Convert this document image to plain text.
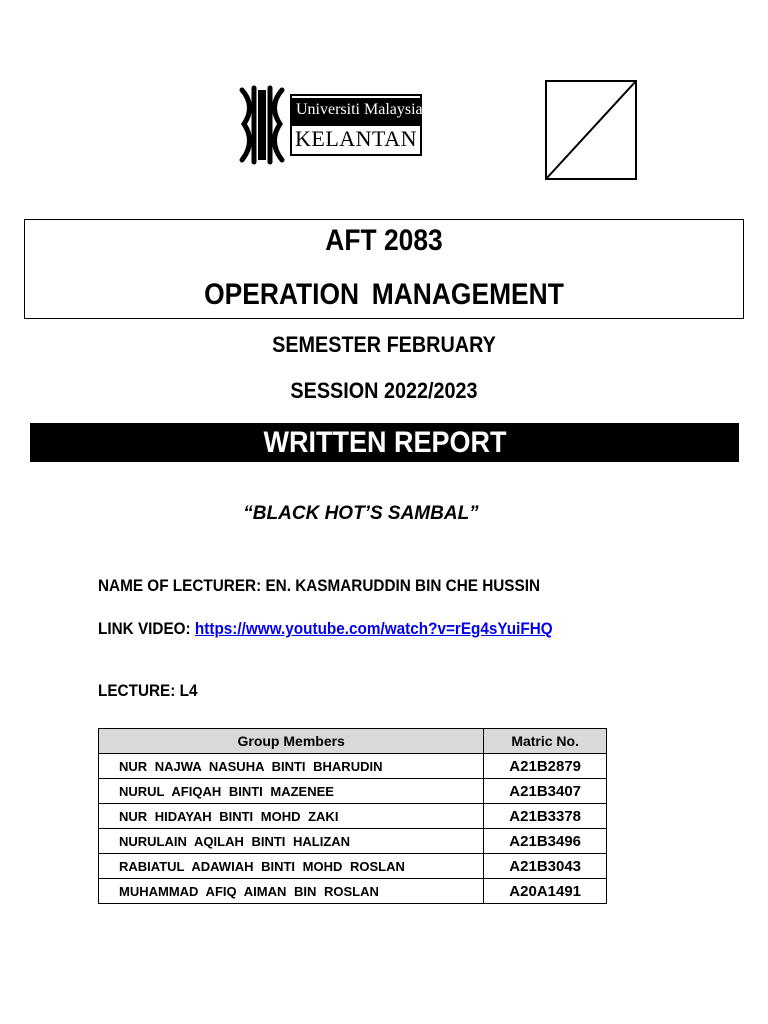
Universiti Malaysia
KELANTAN
AFT 2083
OPERATION MANAGEMENT
SEMESTER FEBRUARY
SESSION 2022/2023
WRITTEN REPORT
“BLACK HOT’S SAMBAL”
NAME OF LECTURER: EN. KASMARUDDIN BIN CHE HUSSIN
LINK VIDEO: https://www.youtube.com/watch?v=rEg4sYuiFHQ
LECTURE: L4
Group Members	Matric No.
NUR NAJWA NASUHA BINTI BHARUDIN	A21B2879
NURUL AFIQAH BINTI MAZENEE	A21B3407
NUR HIDAYAH BINTI MOHD ZAKI	A21B3378
NURULAIN AQILAH BINTI HALIZAN	A21B3496
RABIATUL ADAWIAH BINTI MOHD ROSLAN	A21B3043
MUHAMMAD AFIQ AIMAN BIN ROSLAN	A20A1491
